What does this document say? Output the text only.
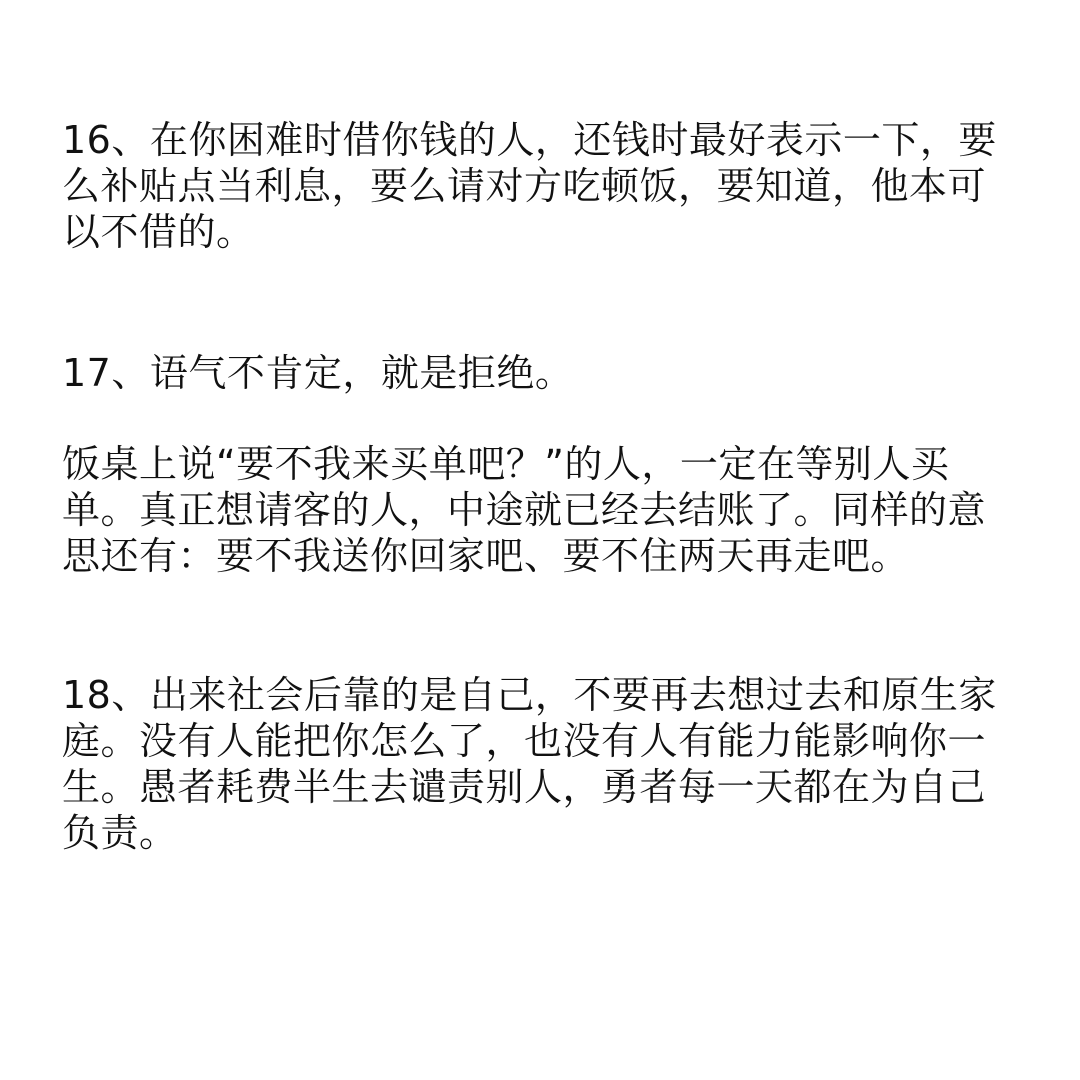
16、在你困难时借你钱的人，还钱时最好表示一下，要
么补贴点当利息，要么请对方吃顿饭，要知道，他本可
以不借的。
17、语气不肯定，就是拒绝。
饭桌上说“要不我来买单吧？”的人，一定在等别人买
单。真正想请客的人，中途就已经去结账了。同样的意
思还有：要不我送你回家吧、要不住两天再走吧。
18、出来社会后靠的是自己，不要再去想过去和原生家
庭。没有人能把你怎么了，也没有人有能力能影响你一
生。愚者耗费半生去谴责别人，勇者每一天都在为自己
负责。
